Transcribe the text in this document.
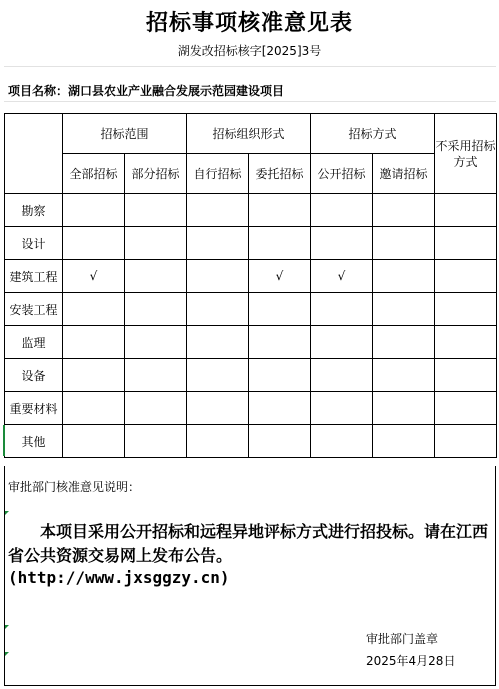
招标事项核准意见表
湖发改招标核字[2025]3号
项目名称：湖口县农业产业融合发展示范园建设项目
	招标范围		招标组织形式		招标方式		不采用招标方式
	全部招标	部分招标	自行招标	委托招标	公开招标	邀请招标	
勘察							
设计							
建筑工程	√			√	√		
安装工程							
监理							
设备							
重要材料							
其他							
审批部门核准意见说明：
本项目采用公开招标和远程异地评标方式进行招投标。请在江西省公共资源交易网上发布公告。
(http://www.jxsggzy.cn)
审批部门盖章
2025年4月28日
